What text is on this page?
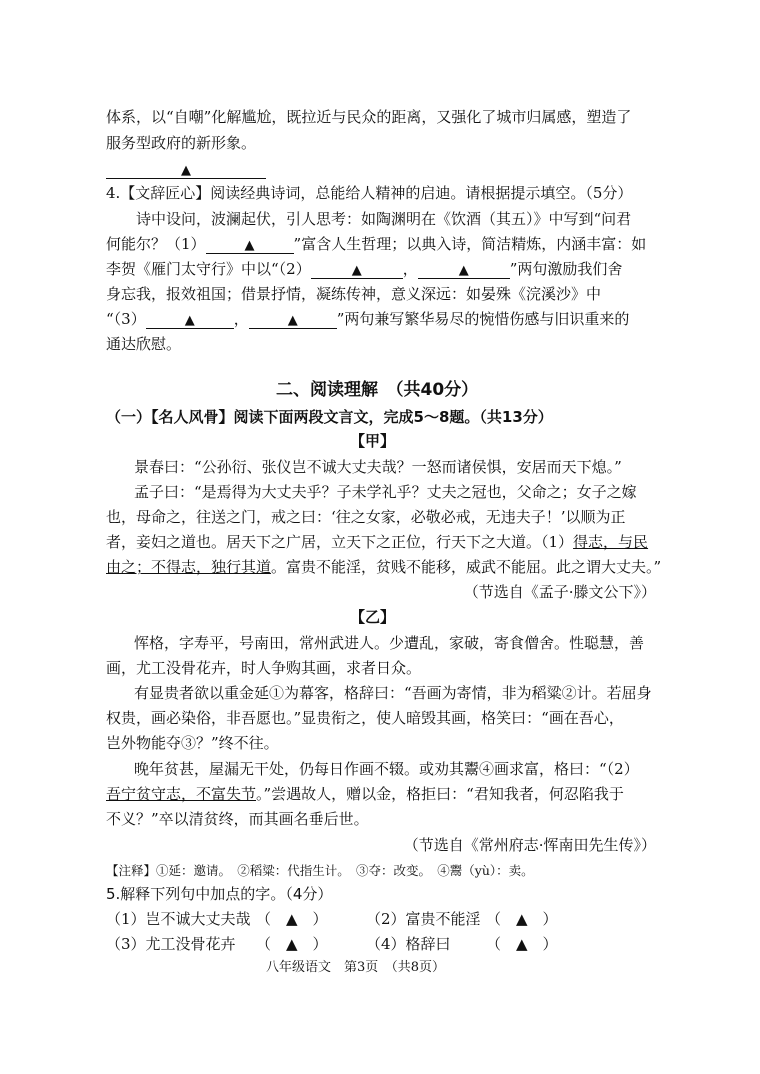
体系，以“自嘲”化解尴尬，既拉近与民众的距离，又强化了城市归属感，塑造了
服务型政府的新形象。
▲
4.【文辞匠心】阅读经典诗词，总能给人精神的启迪。请根据提示填空。（5分）
诗中设问，波澜起伏，引人思考：如陶渊明在《饮酒（其五）》中写到“问君
何能尔？（1）	▲	”富含人生哲理；以典入诗，简洁精炼，内涵丰富：如
李贺《雁门太守行》中以“（2）	▲	，	▲	”两句激励我们舍
身忘我，报效祖国；借景抒情，凝练传神，意义深远：如晏殊《浣溪沙》中
“（3）	▲	，	▲	”两句兼写繁华易尽的惋惜伤感与旧识重来的
通达欣慰。
二、阅读理解　（共40分）
（一）【名人风骨】阅读下面两段文言文，完成5～8题。（共13分）
【甲】
景春曰：“公孙衍、张仪岂不诚大丈夫哉？一怒而诸侯惧，安居而天下熄。”
孟子曰：“是焉得为大丈夫乎？子未学礼乎？丈夫之冠也，父命之；女子之嫁
也，母命之，往送之门，戒之曰：‘往之女家，必敬必戒，无违夫子！’以顺为正
者，妾妇之道也。居天下之广居，立天下之正位，行天下之大道。（1）得志，与民
由之；不得志，独行其道。富贵不能淫，贫贱不能移，威武不能屈。此之谓大丈夫。”
（节选自《孟子·滕文公下》）
【乙】
恽格，字寿平，号南田，常州武进人。少遭乱，家破，寄食僧舍。性聪慧，善
画，尤工没骨花卉，时人争购其画，求者日众。
有显贵者欲以重金延①为幕客，格辞曰：“吾画为寄情，非为稻粱②计。若屈身
权贵，画必染俗，非吾愿也。”显贵衔之，使人暗毁其画，格笑曰：“画在吾心，
岂外物能夺③？”终不往。
晚年贫甚，屋漏无干处，仍每日作画不辍。或劝其鬻④画求富，格曰：“（2）
吾宁贫守志，不富失节。”尝遇故人，赠以金，格拒曰：“君知我者，何忍陷我于
不义？”卒以清贫终，而其画名垂后世。
（节选自《常州府志·恽南田先生传》）
【注释】①延：邀请。　②稻粱：代指生计。　③夺：改变。　④鬻（yù）：卖。
5.解释下列句中加点的字。（4分）
（1）岂不诚大丈夫哉 （　▲　）	（2）富贵不能淫 （　▲　）
（3）尤工没骨花卉 （　▲　）	（4）格辞曰 （　▲　）
八年级语文　第3页　（共8页）
